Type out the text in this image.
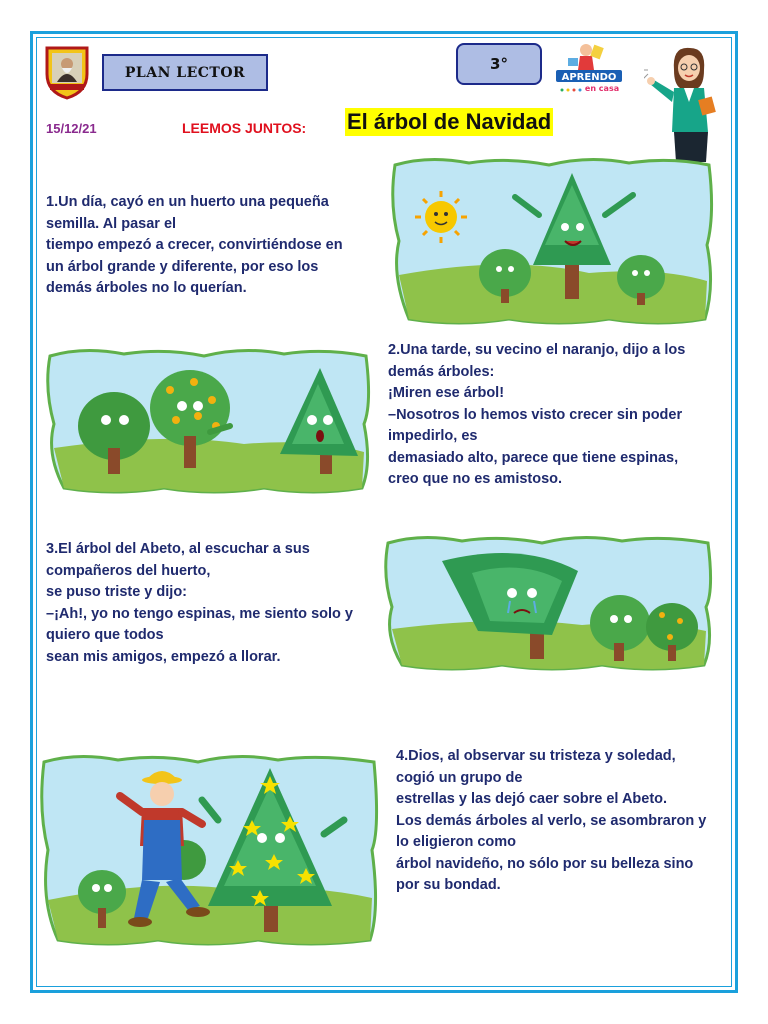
PLAN LECTOR	3°
APRENDO
en casa
15/12/21	LEEMOS JUNTOS: El árbol de Navidad
1.Un día, cayó en un huerto una pequeña
semilla. Al pasar el
tiempo empezó a crecer, convirtiéndose en
un árbol grande y diferente, por eso los
demás árboles no lo querían.
2.Una tarde, su vecino el naranjo, dijo a los
demás árboles:
¡Miren ese árbol!
–Nosotros lo hemos visto crecer sin poder
impedirlo, es
demasiado alto, parece que tiene espinas,
creo que no es amistoso.
3.El árbol del Abeto, al escuchar a sus
compañeros del huerto,
se puso triste y dijo:
–¡Ah!, yo no tengo espinas, me siento solo y
quiero que todos
sean mis amigos, empezó a llorar.
4.Dios, al observar su tristeza y soledad,
cogió un grupo de
estrellas y las dejó caer sobre el Abeto.
Los demás árboles al verlo, se asombraron y
lo eligieron como
árbol navideño, no sólo por su belleza sino
por su bondad.
